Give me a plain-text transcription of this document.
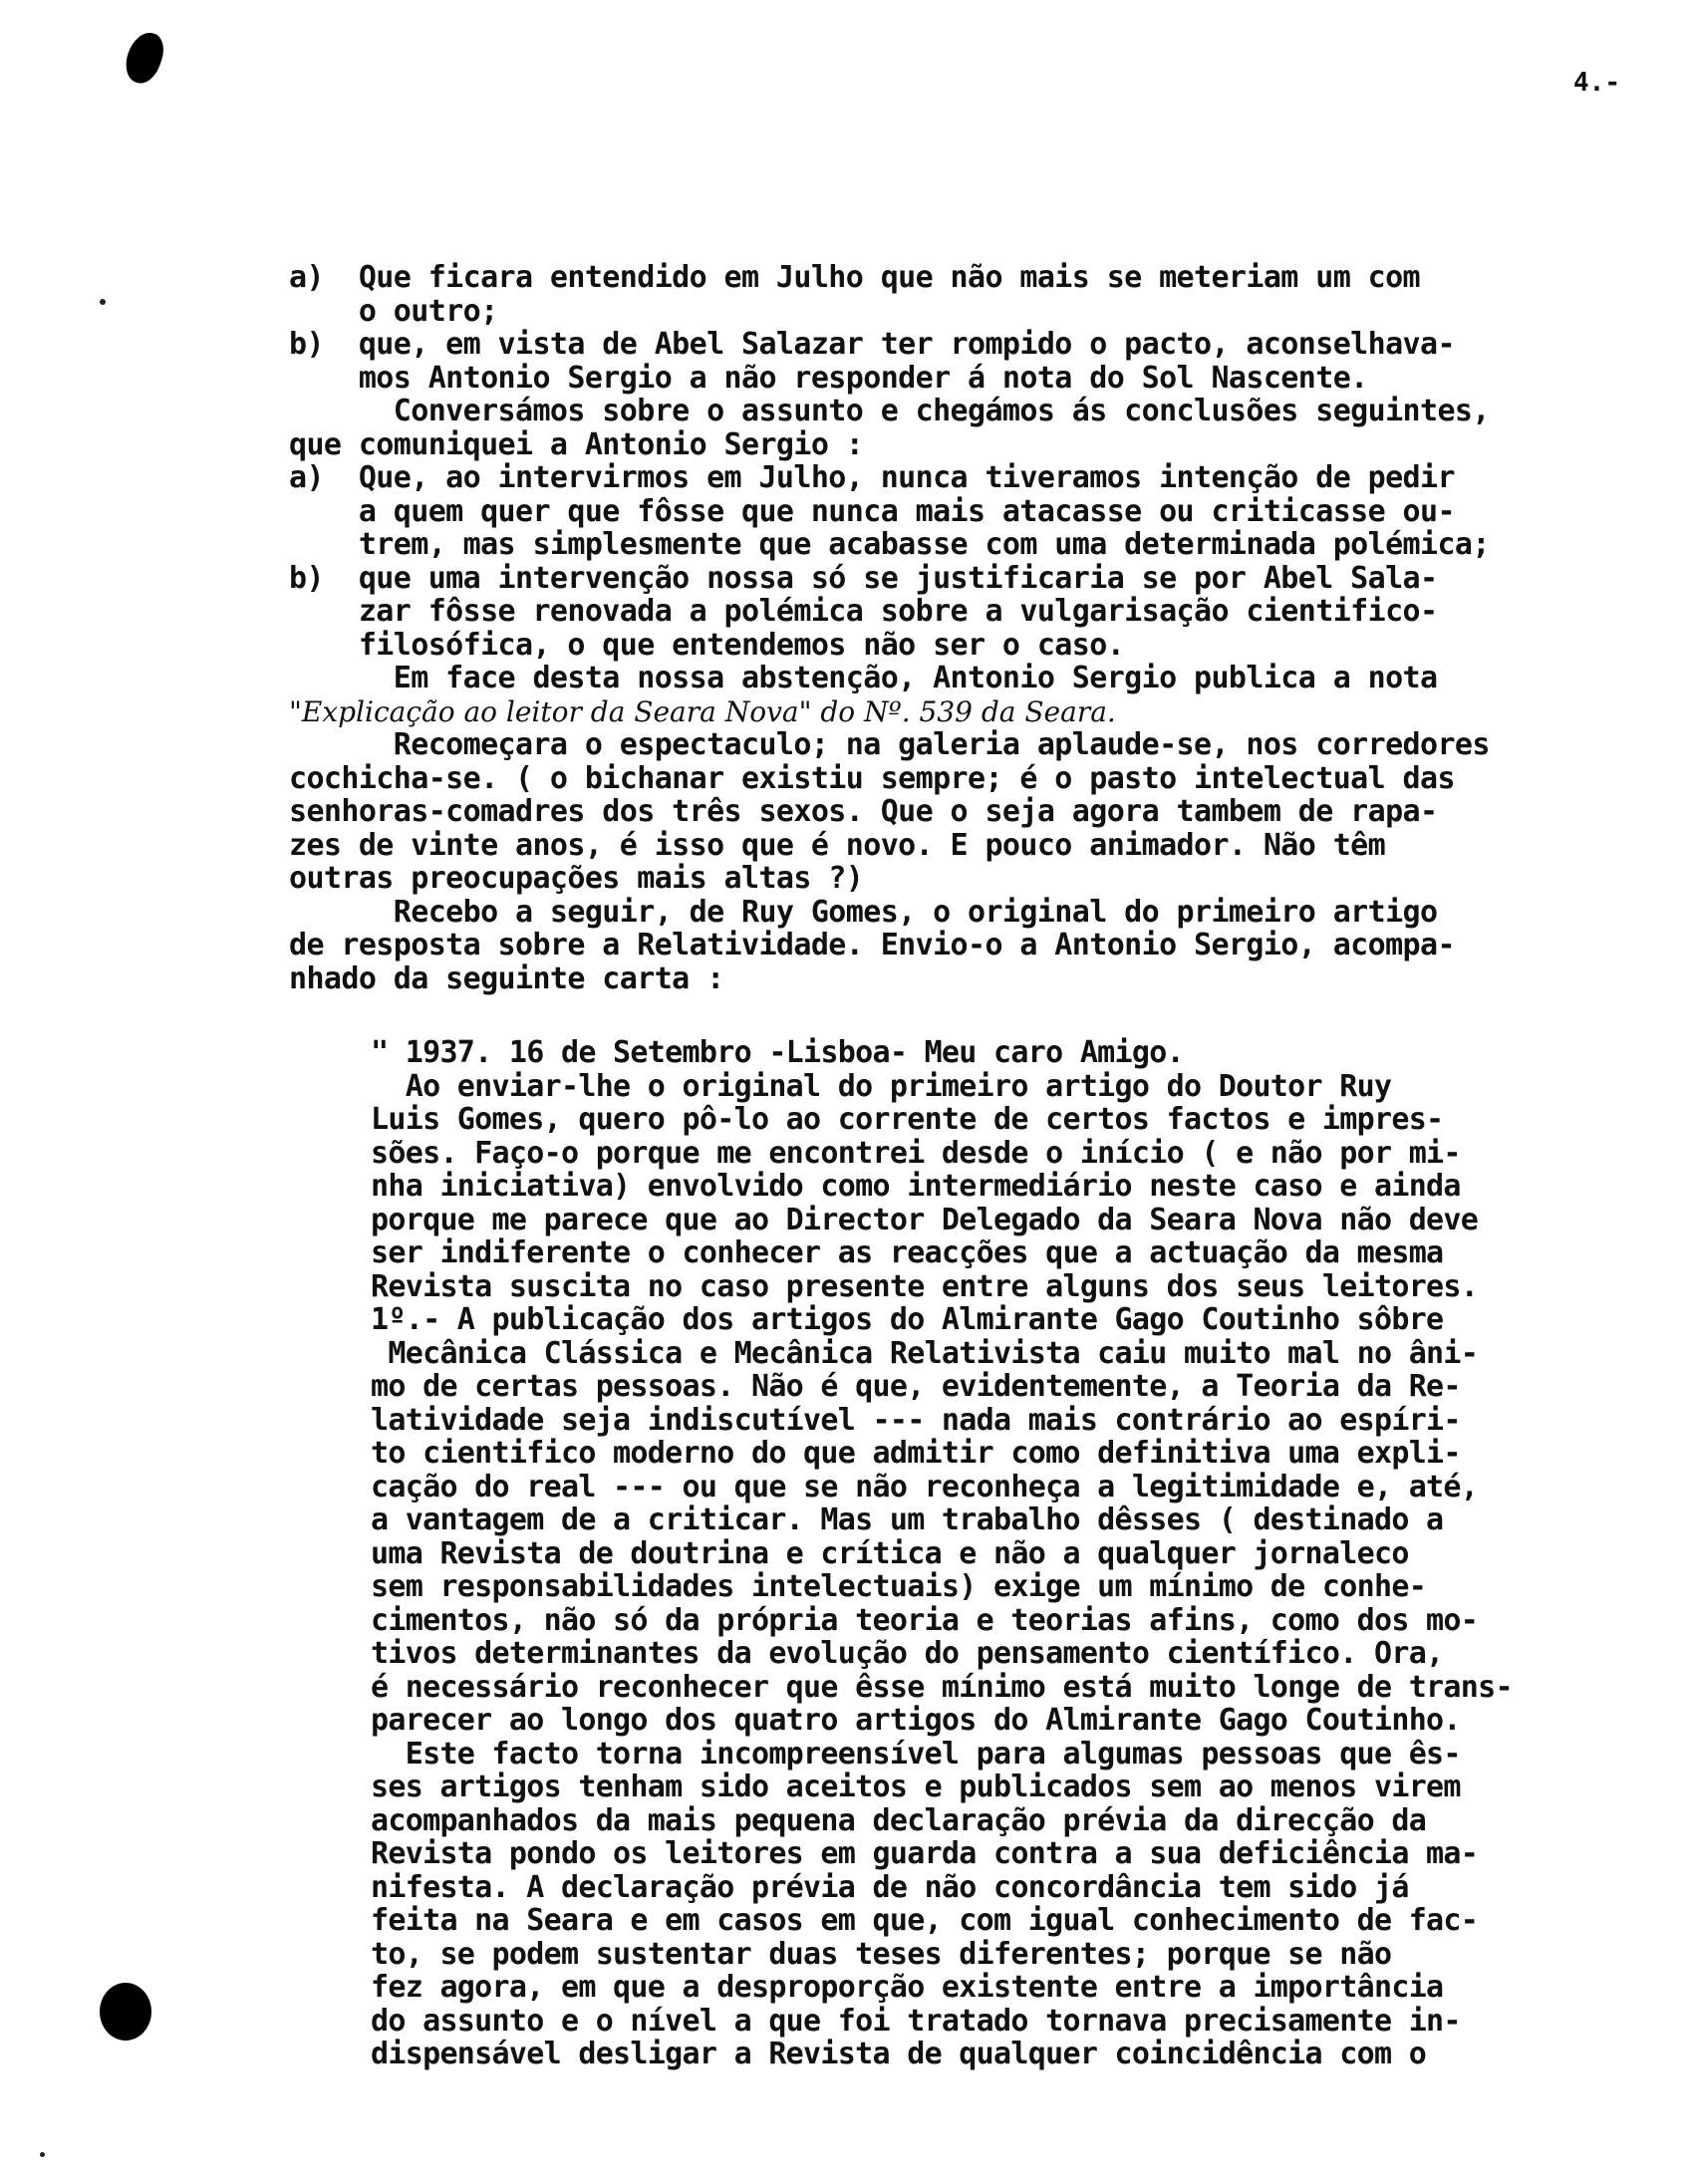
4.-
a)  Que ficara entendido em Julho que não mais se meteriam um com
o outro;
b)  que, em vista de Abel Salazar ter rompido o pacto, aconselhava-
mos Antonio Sergio a não responder á nota do Sol Nascente.
Conversámos sobre o assunto e chegámos ás conclusões seguintes,
que comuniquei a Antonio Sergio :
a)  Que, ao intervirmos em Julho, nunca tiveramos intenção de pedir
a quem quer que fôsse que nunca mais atacasse ou criticasse ou-
trem, mas simplesmente que acabasse com uma determinada polémica;
b)  que uma intervenção nossa só se justificaria se por Abel Sala-
zar fôsse renovada a polémica sobre a vulgarisação cientifico-
filosófica, o que entendemos não ser o caso.
Em face desta nossa abstenção, Antonio Sergio publica a nota
"Explicação ao leitor da Seara Nova" do Nº. 539 da Seara.
Recomeçara o espectaculo; na galeria aplaude-se, nos corredores
cochicha-se. ( o bichanar existiu sempre; é o pasto intelectual das
senhoras-comadres dos três sexos. Que o seja agora tambem de rapa-
zes de vinte anos, é isso que é novo. E pouco animador. Não têm
outras preocupações mais altas ?)
Recebo a seguir, de Ruy Gomes, o original do primeiro artigo
de resposta sobre a Relatividade. Envio-o a Antonio Sergio, acompa-
nhado da seguinte carta :
" 1937. 16 de Setembro -Lisboa- Meu caro Amigo.
Ao enviar-lhe o original do primeiro artigo do Doutor Ruy
Luis Gomes, quero pô-lo ao corrente de certos factos e impres-
sões. Faço-o porque me encontrei desde o início ( e não por mi-
nha iniciativa) envolvido como intermediário neste caso e ainda
porque me parece que ao Director Delegado da Seara Nova não deve
ser indiferente o conhecer as reacções que a actuação da mesma
Revista suscita no caso presente entre alguns dos seus leitores.
1º.- A publicação dos artigos do Almirante Gago Coutinho sôbre
Mecânica Clássica e Mecânica Relativista caiu muito mal no âni-
mo de certas pessoas. Não é que, evidentemente, a Teoria da Re-
latividade seja indiscutível --- nada mais contrário ao espíri-
to cientifico moderno do que admitir como definitiva uma expli-
cação do real --- ou que se não reconheça a legitimidade e, até,
a vantagem de a criticar. Mas um trabalho dêsses ( destinado a
uma Revista de doutrina e crítica e não a qualquer jornaleco
sem responsabilidades intelectuais) exige um mínimo de conhe-
cimentos, não só da própria teoria e teorias afins, como dos mo-
tivos determinantes da evolução do pensamento científico. Ora,
é necessário reconhecer que êsse mínimo está muito longe de trans-
parecer ao longo dos quatro artigos do Almirante Gago Coutinho.
Este facto torna incompreensível para algumas pessoas que ês-
ses artigos tenham sido aceitos e publicados sem ao menos virem
acompanhados da mais pequena declaração prévia da direcção da
Revista pondo os leitores em guarda contra a sua deficiência ma-
nifesta. A declaração prévia de não concordância tem sido já
feita na Seara e em casos em que, com igual conhecimento de fac-
to, se podem sustentar duas teses diferentes; porque se não
fez agora, em que a desproporção existente entre a importância
do assunto e o nível a que foi tratado tornava precisamente in-
dispensável desligar a Revista de qualquer coincidência com o
